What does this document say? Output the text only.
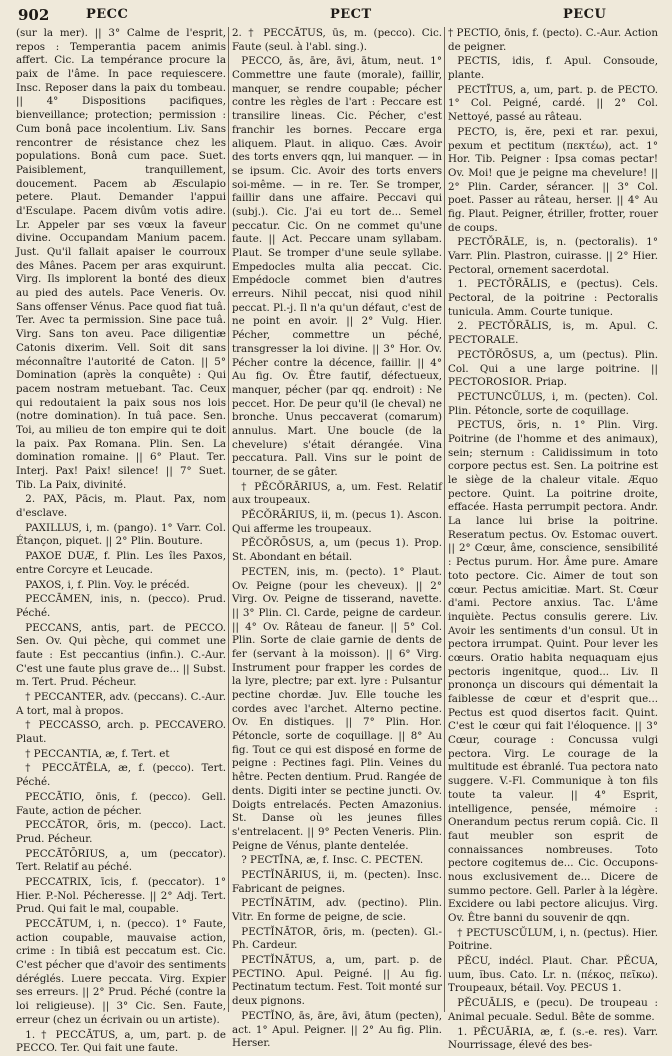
902	PECC	PECT	PECU

(sur la mer). || 3° Calme de l'esprit, repos : Temperantia pacem animis affert. Cic. La tempérance procure la paix de l'âme. In pace requiescere. Insc. Reposer dans la paix du tombeau. || 4° Dispositions pacifiques, bienveillance; protection; permission : Cum bonâ pace incolentium. Liv. Sans rencontrer de résistance chez les populations. Bonâ cum pace. Suet. Paisiblement, tranquillement, doucement. Pacem ab Æsculapio petere. Plaut. Demander l'appui d'Esculape. Pacem divûm votis adire. Lr. Appeler par ses vœux la faveur divine. Occupandam Manium pacem. Just. Qu'il fallait apaiser le courroux des Mânes. Pacem per aras exquirunt. Virg. Ils implorent la bonté des dieux au pied des autels. Pace Veneris. Ov. Sans offenser Vénus. Pace quod fiat tuâ. Ter. Avec ta permission. Sine pace tuâ. Virg. Sans ton aveu. Pace diligentiæ Catonis dixerim. Vell. Soit dit sans méconnaître l'autorité de Caton. || 5° Domination (après la conquête) : Qui pacem nostram metuebant. Tac. Ceux qui redoutaient la paix sous nos lois (notre domination). In tuâ pace. Sen. Toi, au milieu de ton empire qui te doit la paix. Pax Romana. Plin. Sen. La domination romaine. || 6° Plaut. Ter. Interj. Pax! Paix! silence! || 7° Suet. Tib. La Paix, divinité.

2. PAX, Pācis, m. Plaut. Pax, nom d'esclave.

PAXILLUS, i, m. (pango). 1° Varr. Col. Étançon, piquet. || 2° Plin. Bouture.

PAXOE DUÆ, f. Plin. Les îles Paxos, entre Corcyre et Leucade.

PAXOS, i, f. Plin. Voy. le précéd.

PECCĀMEN, inis, n. (pecco). Prud. Péché.

PECCANS, antis, part. de PECCO. Sen. Ov. Qui pèche, qui commet une faute : Est peccantius (infin.). C.-Aur. C'est une faute plus grave de... || Subst. m. Tert. Prud. Pécheur.

† PECCANTER, adv. (peccans). C.-Aur. A tort, mal à propos.

† PECCASSO, arch. p. PECCAVERO. Plaut.

† PECCANTIA, æ, f. Tert. et

† PECCĀTĒLA, æ, f. (pecco). Tert. Péché.

PECCĀTIO, ōnis, f. (pecco). Gell. Faute, action de pécher.

PECCĀTOR, ōris, m. (pecco). Lact. Prud. Pécheur.

PECCĀTŌRIUS, a, um (peccator). Tert. Relatif au péché.

PECCATRIX, īcis, f. (peccator). 1° Hier. P.-Nol. Pécheresse. || 2° Adj. Tert. Prud. Qui fait le mal, coupable.

PECCĀTUM, i, n. (pecco). 1° Faute, action coupable, mauvaise action, crime : In tibiâ est peccatum est. Cic. C'est pécher que d'avoir des sentiments déréglés. Luere peccata. Virg. Expier ses erreurs. || 2° Prud. Péché (contre la loi religieuse). || 3° Cic. Sen. Faute, erreur (chez un écrivain ou un artiste).

1. † PECCĀTUS, a, um, part. p. de PECCO. Ter. Qui fait une faute.

2. † PECCĀTUS, ūs, m. (pecco). Cic. Faute (seul. à l'abl. sing.).

PECCO, ās, āre, āvi, ātum, neut. 1° Commettre une faute (morale), faillir, manquer, se rendre coupable; pécher contre les règles de l'art : Peccare est transilire lineas. Cic. Pécher, c'est franchir les bornes. Peccare erga aliquem. Plaut. in aliquo. Cæs. Avoir des torts envers qqn, lui manquer. — in se ipsum. Cic. Avoir des torts envers soi-même. — in re. Ter. Se tromper, faillir dans une affaire. Peccavi qui (subj.). Cic. J'ai eu tort de... Semel peccatur. Cic. On ne commet qu'une faute. || Act. Peccare unam syllabam. Plaut. Se tromper d'une seule syllabe. Empedocles multa alia peccat. Cic. Empédocle commet bien d'autres erreurs. Nihil peccat, nisi quod nihil peccat. Pl.-j. Il n'a qu'un défaut, c'est de ne point en avoir. || 2° Vulg. Hier. Pécher, commettre un péché, transgresser la loi divine. || 3° Hor. Ov. Pécher contre la décence, faillir. || 4° Au fig. Ov. Être fautif, défectueux, manquer, pécher (par qq. endroit) : Ne peccet. Hor. De peur qu'il (le cheval) ne bronche. Unus peccaverat (comarum) annulus. Mart. Une boucle (de la chevelure) s'était dérangée. Vina peccatura. Pall. Vins sur le point de tourner, de se gâter.

† PĔCŎRĀRIUS, a, um. Fest. Relatif aux troupeaux.

PĔCŎRĀRIUS, ii, m. (pecus 1). Ascon. Qui afferme les troupeaux.

PĔCŎRŌSUS, a, um (pecus 1). Prop. St. Abondant en bétail.

PECTEN, inis, m. (pecto). 1° Plaut. Ov. Peigne (pour les cheveux). || 2° Virg. Ov. Peigne de tisserand, navette. || 3° Plin. Cl. Carde, peigne de cardeur. || 4° Ov. Râteau de faneur. || 5° Col. Plin. Sorte de claie garnie de dents de fer (servant à la moisson). || 6° Virg. Instrument pour frapper les cordes de la lyre, plectre; par ext. lyre : Pulsantur pectine chordæ. Juv. Elle touche les cordes avec l'archet. Alterno pectine. Ov. En distiques. || 7° Plin. Hor. Pétoncle, sorte de coquillage. || 8° Au fig. Tout ce qui est disposé en forme de peigne : Pectines fagi. Plin. Veines du hêtre. Pecten dentium. Prud. Rangée de dents. Digiti inter se pectine juncti. Ov. Doigts entrelacés. Pecten Amazonius. St. Danse où les jeunes filles s'entrelacent. || 9° Pecten Veneris. Plin. Peigne de Vénus, plante dentelée.

? PECTĪNA, æ, f. Insc. C. PECTEN.

PECTĬNĀRIUS, ii, m. (pecten). Insc. Fabricant de peignes.

PECTĬNĀTIM, adv. (pectino). Plin. Vitr. En forme de peigne, de scie.

PECTĬNĀTOR, ōris, m. (pecten). Gl.-Ph. Cardeur.

PECTĬNĀTUS, a, um, part. p. de PECTINO. Apul. Peigné. || Au fig. Pectinatum tectum. Fest. Toit monté sur deux pignons.

PECTĬNO, ās, āre, āvi, ātum (pecten), act. 1° Apul. Peigner. || 2° Au fig. Plin. Herser.

† PECTIO, ōnis, f. (pecto). C.-Aur. Action de peigner.

PECTIS, idis, f. Apul. Consoude, plante.

PECTĪTUS, a, um, part. p. de PECTO. 1° Col. Peigné, cardé. || 2° Col. Nettoyé, passé au râteau.

PECTO, is, ĕre, pexi et rar. pexui, pexum et pectitum (πεκτέω), act. 1° Hor. Tib. Peigner : Ipsa comas pectar! Ov. Moi! que je peigne ma chevelure! || 2° Plin. Carder, sérancer. || 3° Col. poet. Passer au râteau, herser. || 4° Au fig. Plaut. Peigner, étriller, frotter, rouer de coups.

PECTŎRĀLE, is, n. (pectoralis). 1° Varr. Plin. Plastron, cuirasse. || 2° Hier. Pectoral, ornement sacerdotal.

1. PECTŎRĀLIS, e (pectus). Cels. Pectoral, de la poitrine : Pectoralis tunicula. Amm. Courte tunique.

2. PECTŎRĀLIS, is, m. Apul. C. PECTORALE.

PECTŎRŌSUS, a, um (pectus). Plin. Col. Qui a une large poitrine. || PECTOROSIOR. Priap.

PECTUNCŬLUS, i, m. (pecten). Col. Plin. Pétoncle, sorte de coquillage.

PECTUS, ŏris, n. 1° Plin. Virg. Poitrine (de l'homme et des animaux), sein; sternum : Calidissimum in toto corpore pectus est. Sen. La poitrine est le siège de la chaleur vitale. Æquo pectore. Quint. La poitrine droite, effacée. Hasta perrumpit pectora. Andr. La lance lui brise la poitrine. Reseratum pectus. Ov. Estomac ouvert. || 2° Cœur, âme, conscience, sensibilité : Pectus purum. Hor. Âme pure. Amare toto pectore. Cic. Aimer de tout son cœur. Pectus amicitiæ. Mart. St. Cœur d'ami. Pectore anxius. Tac. L'âme inquiète. Pectus consulis gerere. Liv. Avoir les sentiments d'un consul. Ut in pectora irrumpat. Quint. Pour lever les cœurs. Oratio habita nequaquam ejus pectoris ingenitque, quod... Liv. Il prononça un discours qui démentait la faiblesse de cœur et d'esprit que... Pectus est quod disertos facit. Quint. C'est le cœur qui fait l'éloquence. || 3° Cœur, courage : Concussa vulgi pectora. Virg. Le courage de la multitude est ébranlé. Tua pectora nato suggere. V.-Fl. Communique à ton fils toute ta valeur. || 4° Esprit, intelligence, pensée, mémoire : Onerandum pectus rerum copiâ. Cic. Il faut meubler son esprit de connaissances nombreuses. Toto pectore cogitemus de... Cic. Occupons-nous exclusivement de... Dicere de summo pectore. Gell. Parler à la légère. Excidere ou labi pectore alicujus. Virg. Ov. Être banni du souvenir de qqn.

† PECTUSCŬLUM, i, n. (pectus). Hier. Poitrine.

PĔCU, indécl. Plaut. Char. PĔCUA, uum, ĭbus. Cato. Lr. n. (πέκος, πεῖκω). Troupeaux, bétail. Voy. PECUS 1.

PĔCUĀLIS, e (pecu). De troupeau : Animal pecuale. Sedul. Bête de somme.

1. PĔCUĀRIA, æ, f. (s.-e. res). Varr. Nourrissage, élevé des bes-
